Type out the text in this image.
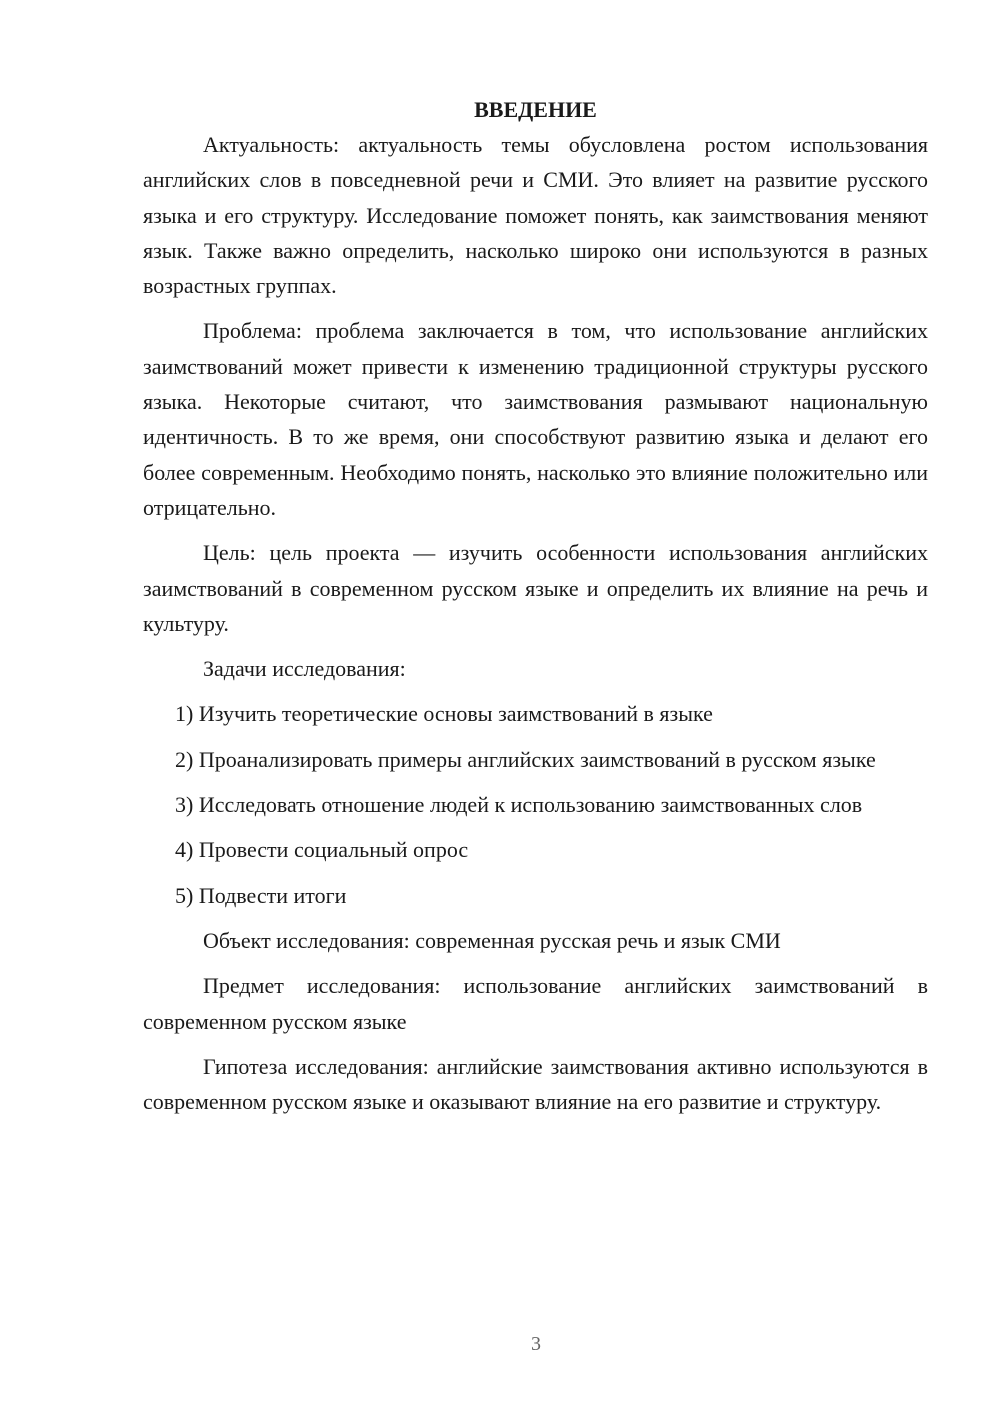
ВВЕДЕНИЕ

Актуальность: актуальность темы обусловлена ростом использования английских слов в повседневной речи и СМИ. Это влияет на развитие русского языка и его структуру. Исследование поможет понять, как заимствования меняют язык. Также важно определить, насколько широко они используются в разных возрастных группах.

Проблема: проблема заключается в том, что использование английских заимствований может привести к изменению традиционной структуры русского языка. Некоторые считают, что заимствования размывают национальную идентичность. В то же время, они способствуют развитию языка и делают его более современным. Необходимо понять, насколько это влияние положительно или отрицательно.

Цель: цель проекта — изучить особенности использования английских заимствований в современном русском языке и определить их влияние на речь и культуру.

Задачи исследования:

1) Изучить теоретические основы заимствований в языке

2) Проанализировать примеры английских заимствований в русском языке

3) Исследовать отношение людей к использованию заимствованных слов

4) Провести социальный опрос

5) Подвести итоги

Объект исследования: современная русская речь и язык СМИ

Предмет исследования: использование английских заимствований в современном русском языке

Гипотеза исследования: английские заимствования активно используются в современном русском языке и оказывают влияние на его развитие и структуру.

3
